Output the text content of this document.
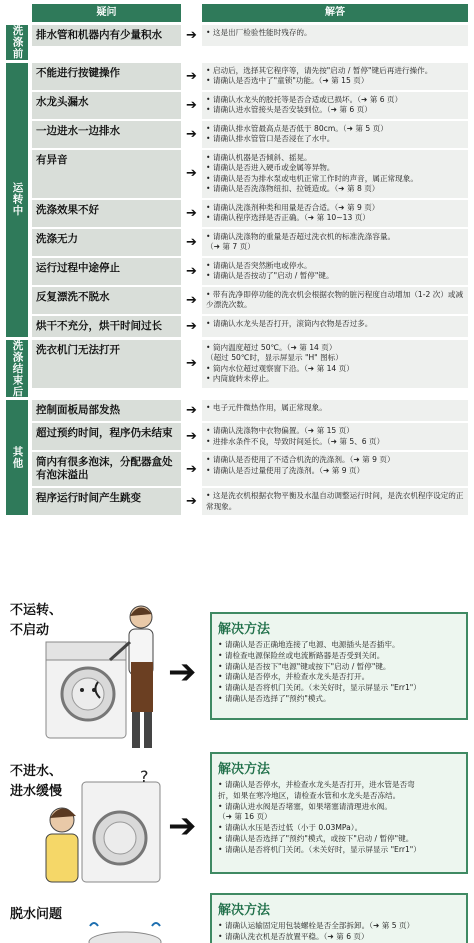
疑问	解答
洗涤前	排水管和机器内有少量积水	➔	• 这是出厂检验性能时残存的。
运转中
不能进行按键操作	➔	• 启动后，选择其它程序等，请先按"启动 / 暂停"键后再进行操作。
• 请确认是否选中了"童锁"功能。（➜ 第 15 页）
水龙头漏水	➔	• 请确认水龙头的胶托等是否合适或已损坏。（➜ 第 6 页）
• 请确认进水管接头是否安装到位。（➜ 第 6 页）
一边进水一边排水	➔	• 请确认排水管最高点是否低于 80cm。（➜ 第 5 页）
• 请确认排水管管口是否浸在了水中。
有异音
➔
• 请确认机器是否倾斜、摇晃。
• 请确认是否进入硬币或金属等异物。
• 请确认是否为排水泵或电机正常工作时的声音，属正常现象。
• 请确认是否洗涤物纽扣、拉链造成。（➜ 第 8 页）
洗涤效果不好	➔	• 请确认洗涤剂种类和用量是否合适。（➜ 第 9 页）
• 请确认程序选择是否正确。（➜ 第 10~13 页）
洗涤无力	➔	• 请确认洗涤物的重量是否超过洗衣机的标准洗涤容量。
（➜ 第 7 页）
运行过程中途停止	➔	• 请确认是否突然断电或停水。
• 请确认是否按动了"启动 / 暂停"键。
反复漂洗不脱水	➔	• 带有洗净即停功能的洗衣机会根据衣物的脏污程度自动增加（1-2 次）或减少漂洗次数。
烘干不充分，烘干时间过长	➔	• 请确认水龙头是否打开，滚筒内衣物是否过多。
洗涤结束后	洗衣机门无法打开
➔
• 筒内温度超过 50℃。（➜ 第 14 页）
（超过 50℃时，显示屏显示 "H" 图标）
• 筒内水位超过观察窗下沿。（➜ 第 14 页）
• 内筒旋转未停止。
其他
控制面板局部发热	➔	• 电子元件微热作用，属正常现象。
超过预约时间，程序仍未结束	➔	• 请确认洗涤物中衣物偏置。（➜ 第 15 页）
• 进排水条件不良，导致时间延长。（➜ 第 5、6 页）
筒内有很多泡沫，分配器盒处有泡沫溢出	➔
• 请确认是否使用了不适合机洗的洗涤剂。（➜ 第 9 页）
• 请确认是否过量使用了洗涤剂。（➜ 第 9 页）
程序运行时间产生跳变	➔	• 这是洗衣机根据衣物平衡及水温自动调整运行时间，是洗衣机程序设定的正常现象。
不运转、
不启动
➔
解决方法
• 请确认是否正确地连接了电源、电源插头是否插牢。
• 请检查电源保险丝或电流断路器是否受到关闭。
• 请确认是否按下"电源"键或按下"启动 / 暂停"键。
• 请确认是否停水，并检查水龙头是否打开。
• 请确认是否将机门关闭。（未关好时，显示屏显示 "Err1"）
• 请确认是否选择了"预约"模式。
不进水、
进水缓慢
?
➔
解决方法
• 请确认是否停水，并检查水龙头是否打开，进水管是否弯
折，如果在寒冷地区，请检查水管和水龙头是否冻结。
• 请确认进水阀是否堵塞，如果堵塞请清理进水阀。
（➜ 第 16 页）
• 请确认水压是否过低（小于 0.03MPa）。
• 请确认是否选择了"预约"模式，或按下"启动 / 暂停"键。
• 请确认是否将机门关闭。（未关好时，显示屏显示 "Err1"）
脱水问题	解决方法
• 请确认运输固定用包装螺栓是否全部拆卸。（➜ 第 5 页）
• 请确认洗衣机是否放置平稳。（➜ 第 6 页）
